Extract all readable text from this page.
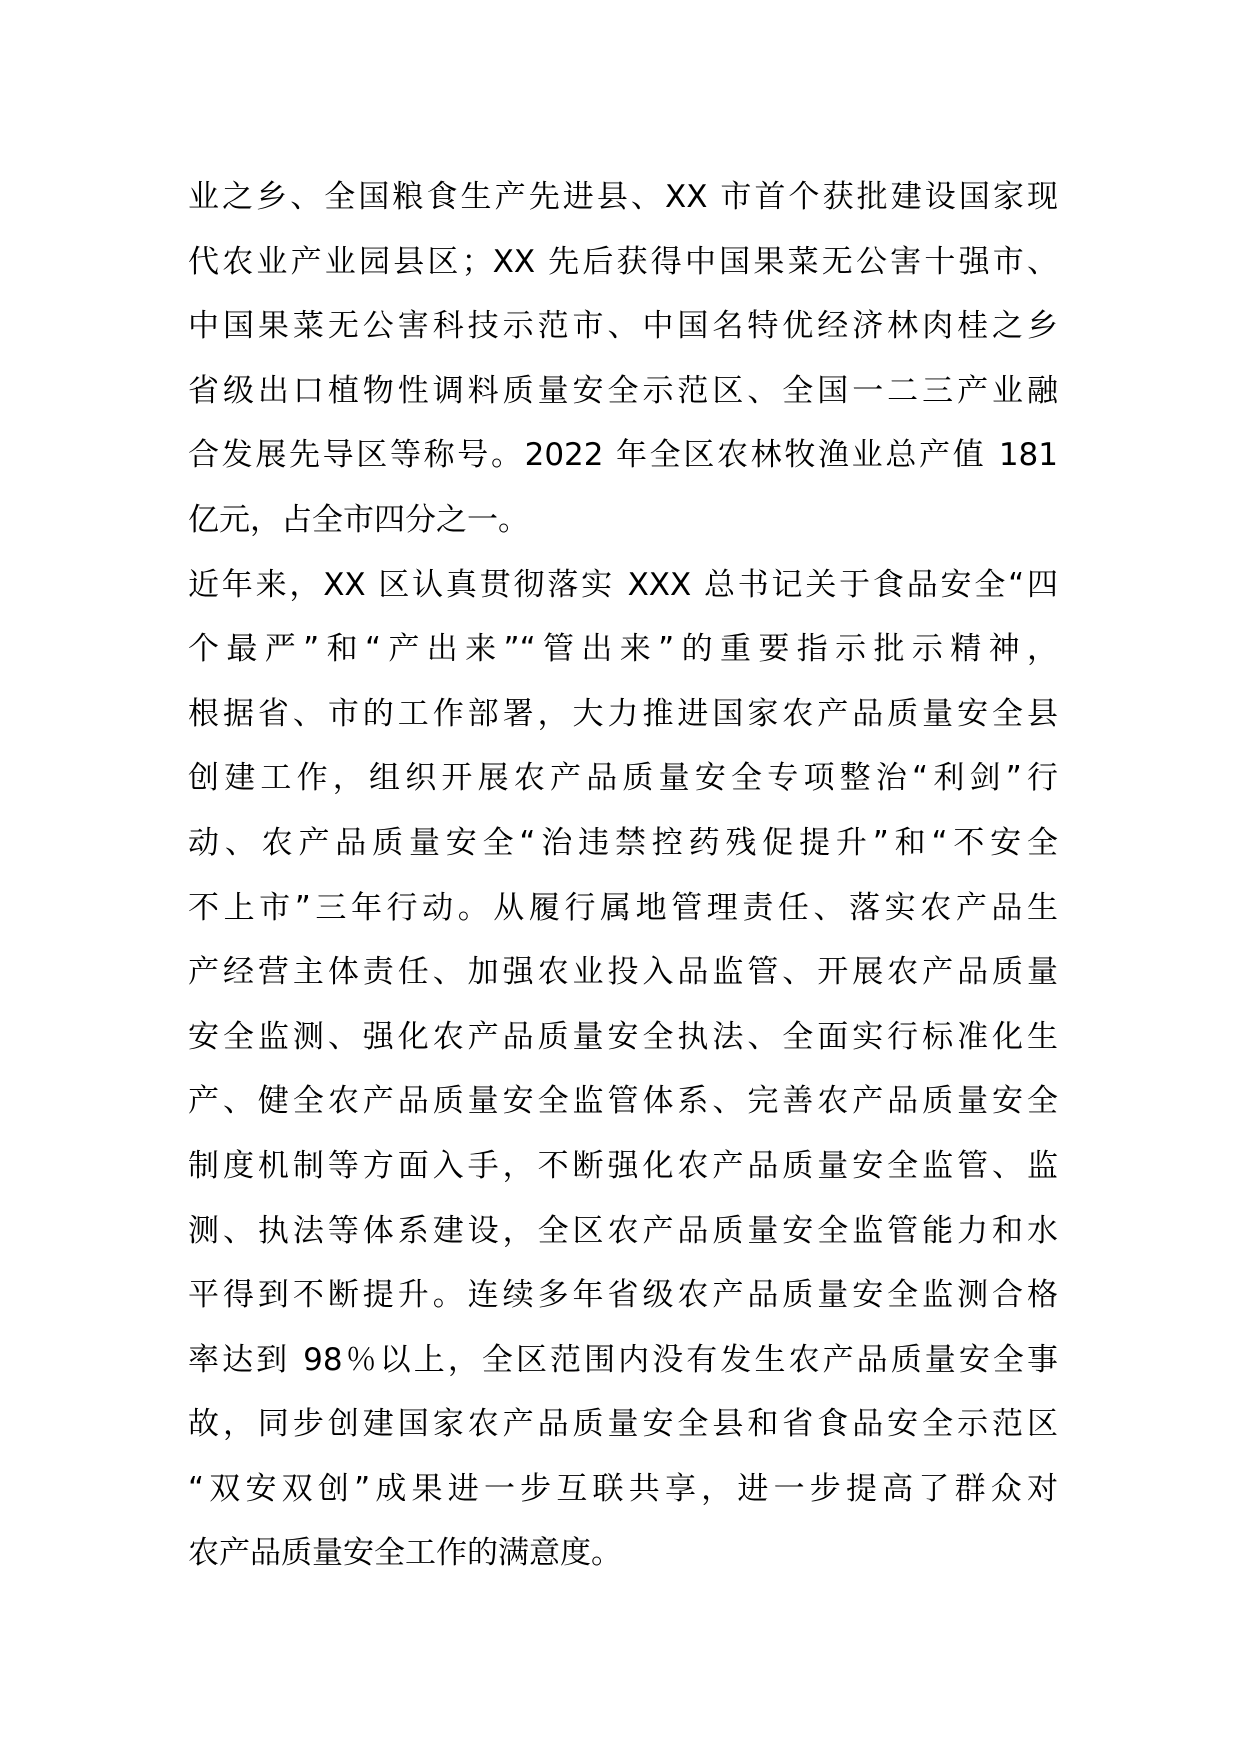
业之乡、全国粮食生产先进县、XX 市首个获批建设国家现
代农业产业园县区；XX 先后获得中国果菜无公害十强市、
中国果菜无公害科技示范市、中国名特优经济林肉桂之乡
省级出口植物性调料质量安全示范区、全国一二三产业融
合发展先导区等称号。2022 年全区农林牧渔业总产值 181
亿元，占全市四分之一。
近年来，XX 区认真贯彻落实 XXX 总书记关于食品安全“四
个最严”和“产出来”“管出来”的重要指示批示精神，
根据省、市的工作部署，大力推进国家农产品质量安全县
创建工作，组织开展农产品质量安全专项整治“利剑”行
动、农产品质量安全“治违禁控药残促提升”和“不安全
不上市”三年行动。从履行属地管理责任、落实农产品生
产经营主体责任、加强农业投入品监管、开展农产品质量
安全监测、强化农产品质量安全执法、全面实行标准化生
产、健全农产品质量安全监管体系、完善农产品质量安全
制度机制等方面入手，不断强化农产品质量安全监管、监
测、执法等体系建设，全区农产品质量安全监管能力和水
平得到不断提升。连续多年省级农产品质量安全监测合格
率达到 98％以上，全区范围内没有发生农产品质量安全事
故，同步创建国家农产品质量安全县和省食品安全示范区
“双安双创”成果进一步互联共享，进一步提高了群众对
农产品质量安全工作的满意度。
